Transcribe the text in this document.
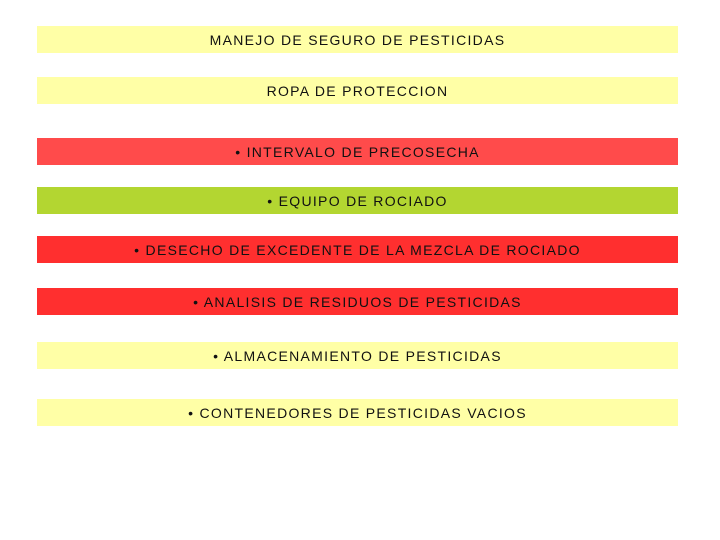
MANEJO DE SEGURO DE PESTICIDAS
ROPA DE PROTECCION
• INTERVALO DE PRECOSECHA
• EQUIPO DE ROCIADO
• DESECHO DE EXCEDENTE DE LA MEZCLA DE ROCIADO
• ANALISIS DE RESIDUOS DE PESTICIDAS
• ALMACENAMIENTO DE PESTICIDAS
• CONTENEDORES DE PESTICIDAS VACIOS
